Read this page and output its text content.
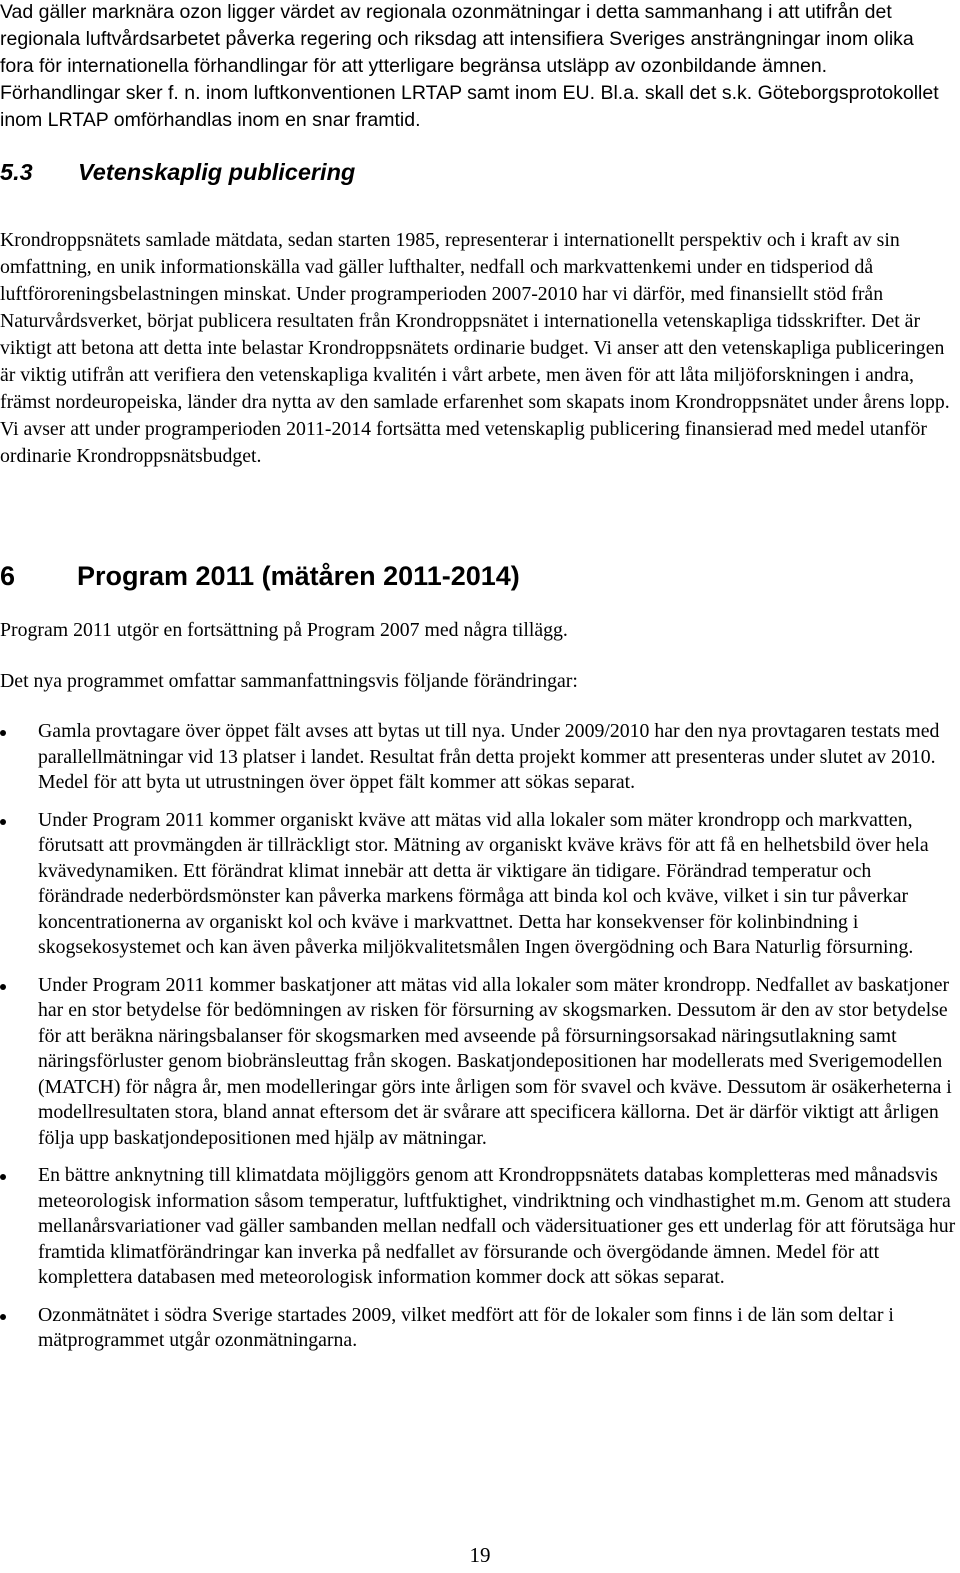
Vad gäller marknära ozon ligger värdet av regionala ozonmätningar i detta sammanhang i att utifrån det regionala luftvårdsarbetet påverka regering och riksdag att intensifiera Sveriges ansträngningar inom olika fora för internationella förhandlingar för att ytterligare begränsa utsläpp av ozonbildande ämnen. Förhandlingar sker f. n. inom luftkonventionen LRTAP samt inom EU. Bl.a. skall det s.k. Göteborgsprotokollet inom LRTAP omförhandlas inom en snar framtid.

5.3 Vetenskaplig publicering

Krondroppsnätets samlade mätdata, sedan starten 1985, representerar i internationellt perspektiv och i kraft av sin omfattning, en unik informationskälla vad gäller lufthalter, nedfall och markvattenkemi under en tidsperiod då luftföroreningsbelastningen minskat. Under programperioden 2007-2010 har vi därför, med finansiellt stöd från Naturvårdsverket, börjat publicera resultaten från Krondroppsnätet i internationella vetenskapliga tidsskrifter. Det är viktigt att betona att detta inte belastar Krondroppsnätets ordinarie budget. Vi anser att den vetenskapliga publiceringen är viktig utifrån att verifiera den vetenskapliga kvalitén i vårt arbete, men även för att låta miljöforskningen i andra, främst nordeuropeiska, länder dra nytta av den samlade erfarenhet som skapats inom Krondroppsnätet under årens lopp. Vi avser att under programperioden 2011-2014 fortsätta med vetenskaplig publicering finansierad med medel utanför ordinarie Krondroppsnätsbudget.

6 Program 2011 (mätåren 2011-2014)

Program 2011 utgör en fortsättning på Program 2007 med några tillägg.

Det nya programmet omfattar sammanfattningsvis följande förändringar:

Gamla provtagare över öppet fält avses att bytas ut till nya. Under 2009/2010 har den nya provtagaren testats med parallellmätningar vid 13 platser i landet. Resultat från detta projekt kommer att presenteras under slutet av 2010. Medel för att byta ut utrustningen över öppet fält kommer att sökas separat.
Under Program 2011 kommer organiskt kväve att mätas vid alla lokaler som mäter krondropp och markvatten, förutsatt att provmängden är tillräckligt stor. Mätning av organiskt kväve krävs för att få en helhetsbild över hela kvävedynamiken. Ett förändrat klimat innebär att detta är viktigare än tidigare. Förändrad temperatur och förändrade nederbördsmönster kan påverka markens förmåga att binda kol och kväve, vilket i sin tur påverkar koncentrationerna av organiskt kol och kväve i markvattnet. Detta har konsekvenser för kolinbindning i skogsekosystemet och kan även påverka miljökvalitetsmålen Ingen övergödning och Bara Naturlig försurning.
Under Program 2011 kommer baskatjoner att mätas vid alla lokaler som mäter krondropp. Nedfallet av baskatjoner har en stor betydelse för bedömningen av risken för försurning av skogsmarken. Dessutom är den av stor betydelse för att beräkna näringsbalanser för skogsmarken med avseende på försurningsorsakad näringsutlakning samt näringsförluster genom biobränsleuttag från skogen. Baskatjondepositionen har modellerats med Sverigemodellen (MATCH) för några år, men modelleringar görs inte årligen som för svavel och kväve. Dessutom är osäkerheterna i modellresultaten stora, bland annat eftersom det är svårare att specificera källorna. Det är därför viktigt att årligen följa upp baskatjondepositionen med hjälp av mätningar.
En bättre anknytning till klimatdata möjliggörs genom att Krondroppsnätets databas kompletteras med månadsvis meteorologisk information såsom temperatur, luftfuktighet, vindriktning och vindhastighet m.m. Genom att studera mellanårsvariationer vad gäller sambanden mellan nedfall och vädersituationer ges ett underlag för att förutsäga hur framtida klimatförändringar kan inverka på nedfallet av försurande och övergödande ämnen. Medel för att komplettera databasen med meteorologisk information kommer dock att sökas separat.
Ozonmätnätet i södra Sverige startades 2009, vilket medfört att för de lokaler som finns i de län som deltar i mätprogrammet utgår ozonmätningarna.
19
